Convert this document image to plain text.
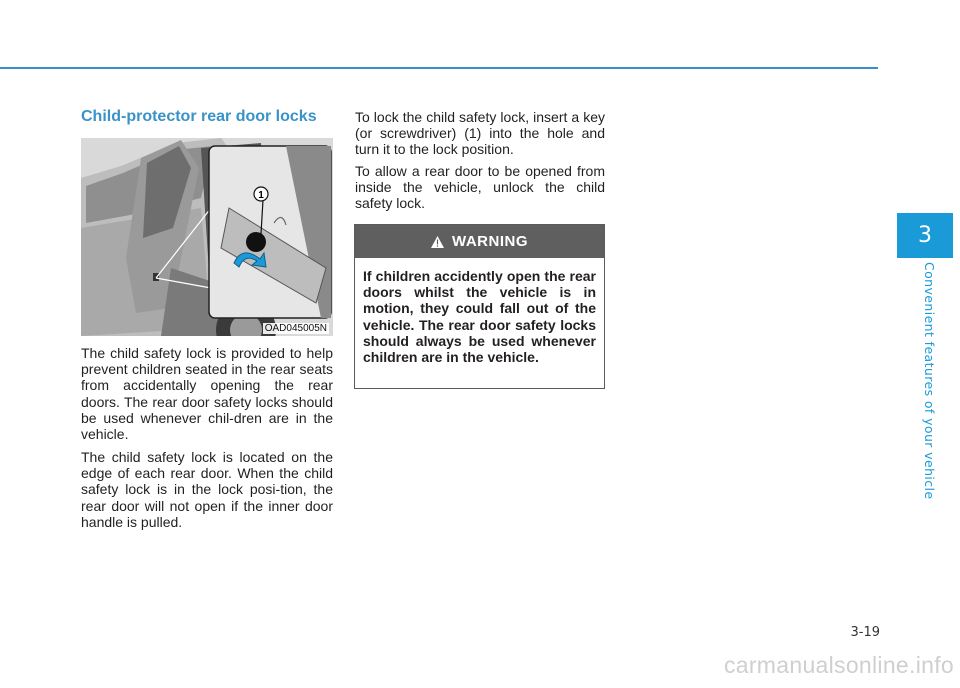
3
Convenient features of your vehicle
Child-protector rear door locks
1
OAD045005N

The child safety lock is provided to help prevent children seated in the rear seats from accidentally opening the rear doors. The rear door safety locks should be used whenever chil-dren are in the vehicle.

The child safety lock is located on the edge of each rear door. When the child safety lock is in the lock posi-tion, the rear door will not open if the inner door handle is pulled.

To lock the child safety lock, insert a key (or screwdriver) (1) into the hole and turn it to the lock position.

To allow a rear door to be opened from inside the vehicle, unlock the child safety lock.

WARNING

If children accidently open the rear doors whilst the vehicle is in motion, they could fall out of the vehicle. The rear door safety locks should always be used whenever children are in the vehicle.

3-19
carmanualsonline.info
